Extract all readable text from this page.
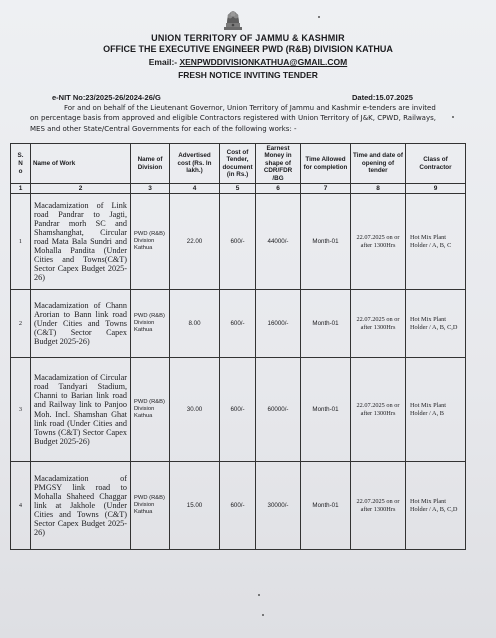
UNION TERRITORY OF JAMMU & KASHMIR
OFFICE THE EXECUTIVE ENGINEER PWD (R&B) DIVISION KATHUA
Email:- XENPWDDIVISIONKATHUA@GMAIL.COM
FRESH NOTICE INVITING TENDER
e-NIT No:23/2025-26/2024-26/G	Dated:15.07.2025
For and on behalf of the Lieutenant Governor, Union Territory of Jammu and Kashmir e-tenders are invited
on percentage basis from approved and eligible Contractors registered with Union Territory of J&K, CPWD, Railways,
MES and other State/Central Governments for each of the following works: -
S.
N
o	Name of Work	Name of Division	Advertised cost (Rs. In lakh.)	Cost of Tender, document (in Rs.)	Earnest Money in shape of CDR/FDR /BG	Time Allowed for completion	Time and date of opening of tender	Class of Contractor
1	2	3	4	5	6	7	8	9
1	Macadamization of Link road Pandrar to Jagti, Pandrar morh SC and Shamshanghat, Circular road Mata Bala Sundri and Mohalla Pandita (Under Cities and Towns(C&T) Sector Capex Budget 2025-26)	PWD (R&B) Division Kathua	22.00	600/-	44000/-	Month-01	22.07.2025 on or after 1300Hrs	Hot Mix Plant Holder / A, B, C
2	Macadamization of Chann Arorian to Bann link road (Under Cities and Towns (C&T) Sector Capex Budget 2025-26)	PWD (R&B) Division Kathua	8.00	600/-	16000/-	Month-01	22.07.2025 on or after 1300Hrs	Hot Mix Plant Holder / A, B, C,D
3	Macadamization of Circular road Tandyari Stadium, Channi to Barian link road and Railway link to Panjoo Moh. Incl. Shamshan Ghat link road (Under Cities and Towns (C&T) Sector Capex Budget 2025-26)	PWD (R&B) Division Kathua	30.00	600/-	60000/-	Month-01	22.07.2025 on or after 1300Hrs	Hot Mix Plant Holder / A, B
4	Macadamization of PMGSY link road to Mohalla Shaheed Chaggar link at Jakhole (Under Cities and Towns (C&T) Sector Capex Budget 2025-26)	PWD (R&B) Division Kathua	15.00	600/-	30000/-	Month-01	22.07.2025 on or after 1300Hrs	Hot Mix Plant Holder / A, B, C,D
